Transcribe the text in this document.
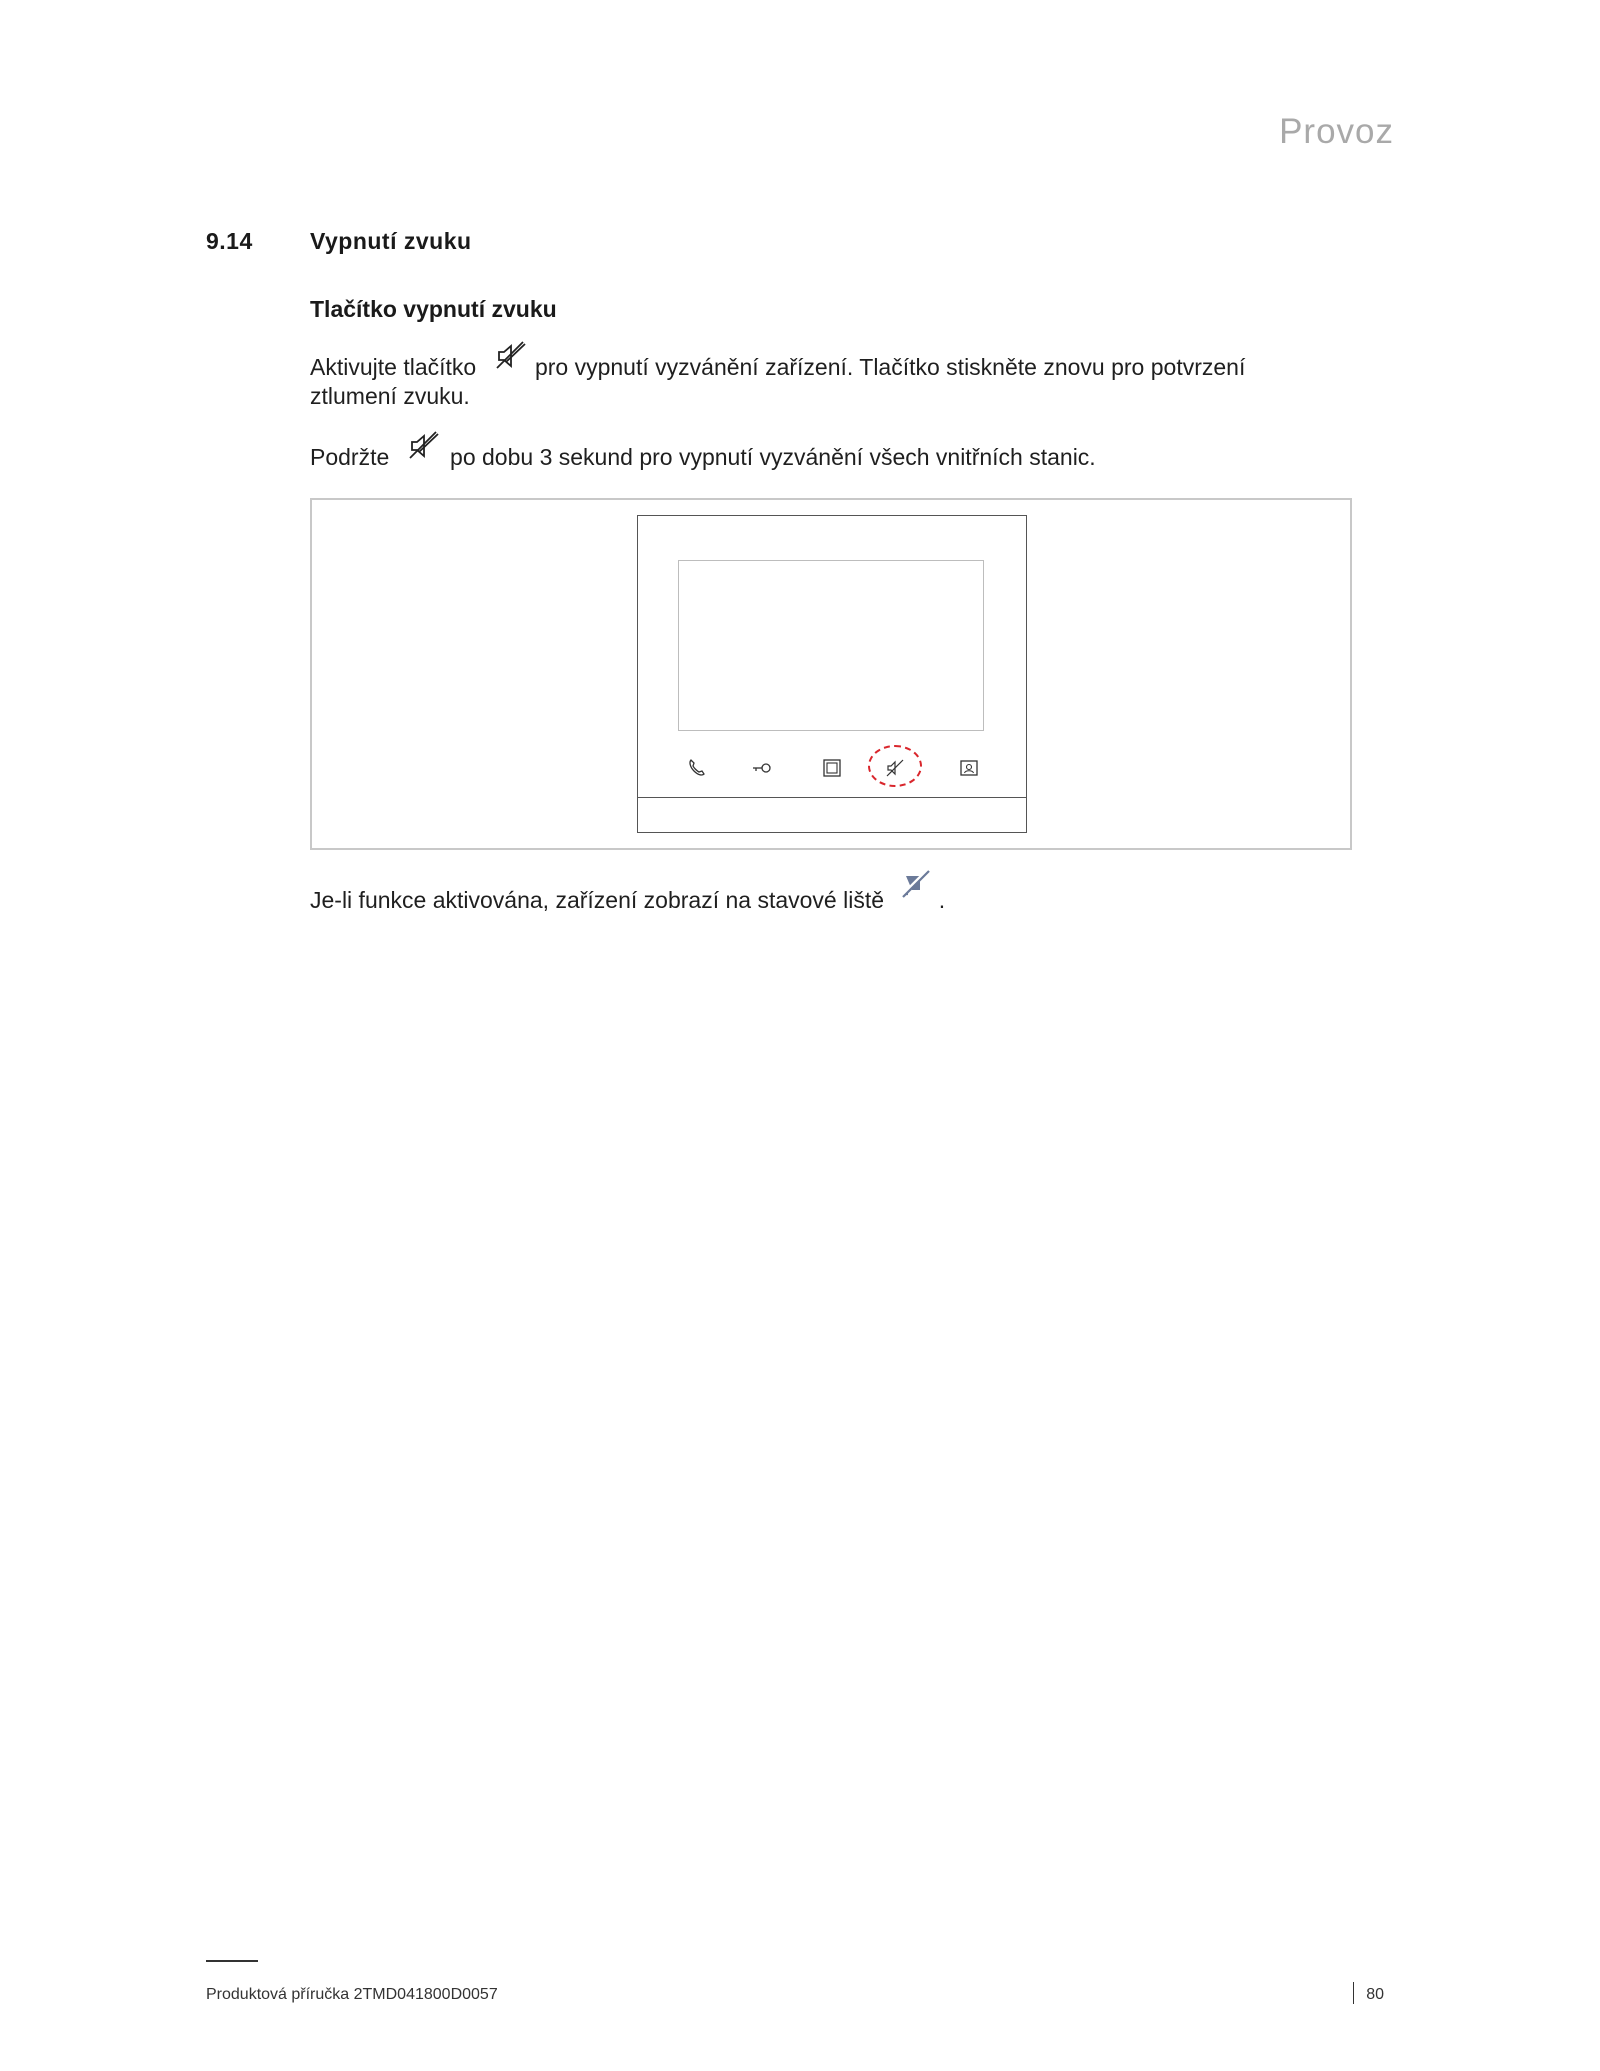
Provoz
9.14 Vypnutí zvuku
Tlačítko vypnutí zvuku
Aktivujte tlačítko	pro vypnutí vyzvánění zařízení. Tlačítko stiskněte znovu pro potvrzení
ztlumení zvuku.
Podržte	po dobu 3 sekund pro vypnutí vyzvánění všech vnitřních stanic.
Je-li funkce aktivována, zařízení zobrazí na stavové liště .
Produktová příručka 2TMD041800D0057	80
